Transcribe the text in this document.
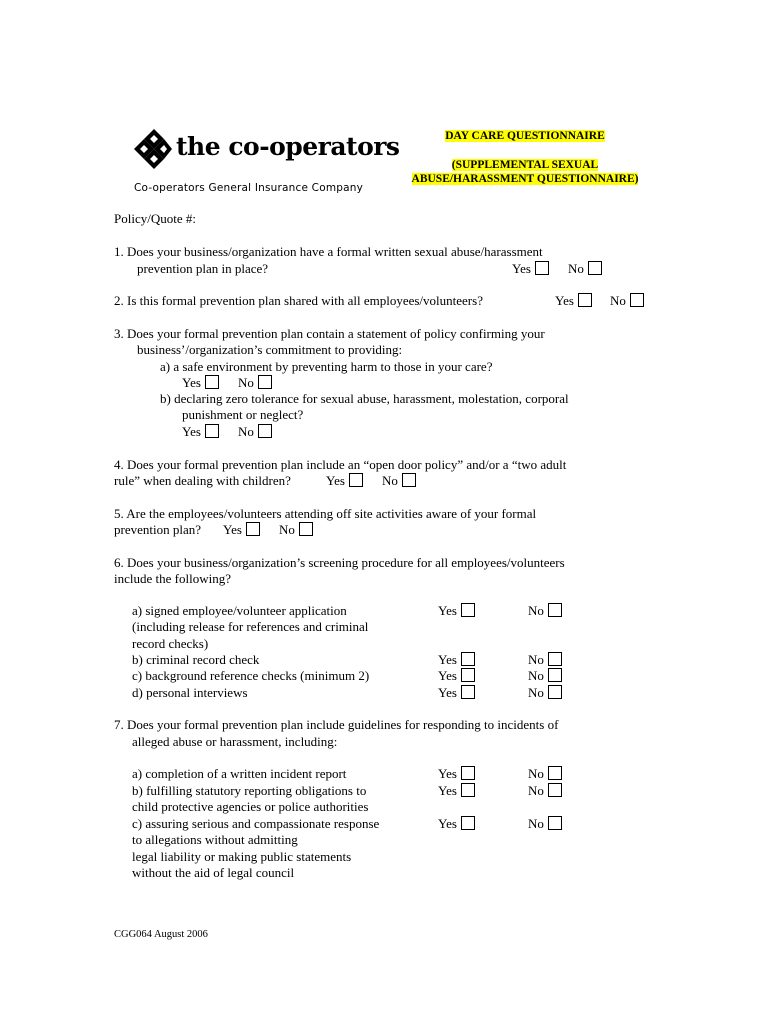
the co-operators
Co-operators General Insurance Company
DAY CARE QUESTIONNAIRE
(SUPPLEMENTAL SEXUAL
ABUSE/HARASSMENT QUESTIONNAIRE)
Policy/Quote #:
1. Does your business/organization have a formal written sexual abuse/harassment
prevention plan in place?	Yes	No
2. Is this formal prevention plan shared with all employees/volunteers?	Yes	No
3. Does your formal prevention plan contain a statement of policy confirming your
business’/organization’s commitment to providing:
a) a safe environment by preventing harm to those in your care?
Yes	No
b) declaring zero tolerance for sexual abuse, harassment, molestation, corporal
punishment or neglect?
Yes	No
4. Does your formal prevention plan include an “open door policy” and/or a “two adult
rule” when dealing with children?	Yes	No
5. Are the employees/volunteers attending off site activities aware of your formal
prevention plan? Yes	No
6. Does your business/organization’s screening procedure for all employees/volunteers
include the following?
a) signed employee/volunteer application
(including release for references and criminal
record checks)
Yes	No
b) criminal record check	Yes	No
c) background reference checks (minimum 2)	Yes	No
d) personal interviews	Yes	No
7. Does your formal prevention plan include guidelines for responding to incidents of
alleged abuse or harassment, including:
a) completion of a written incident report	Yes	No
b) fulfilling statutory reporting obligations to
child protective agencies or police authorities
Yes	No
c) assuring serious and compassionate response
to allegations without admitting
legal liability or making public statements
without the aid of legal council
Yes	No
CGG064 August 2006
